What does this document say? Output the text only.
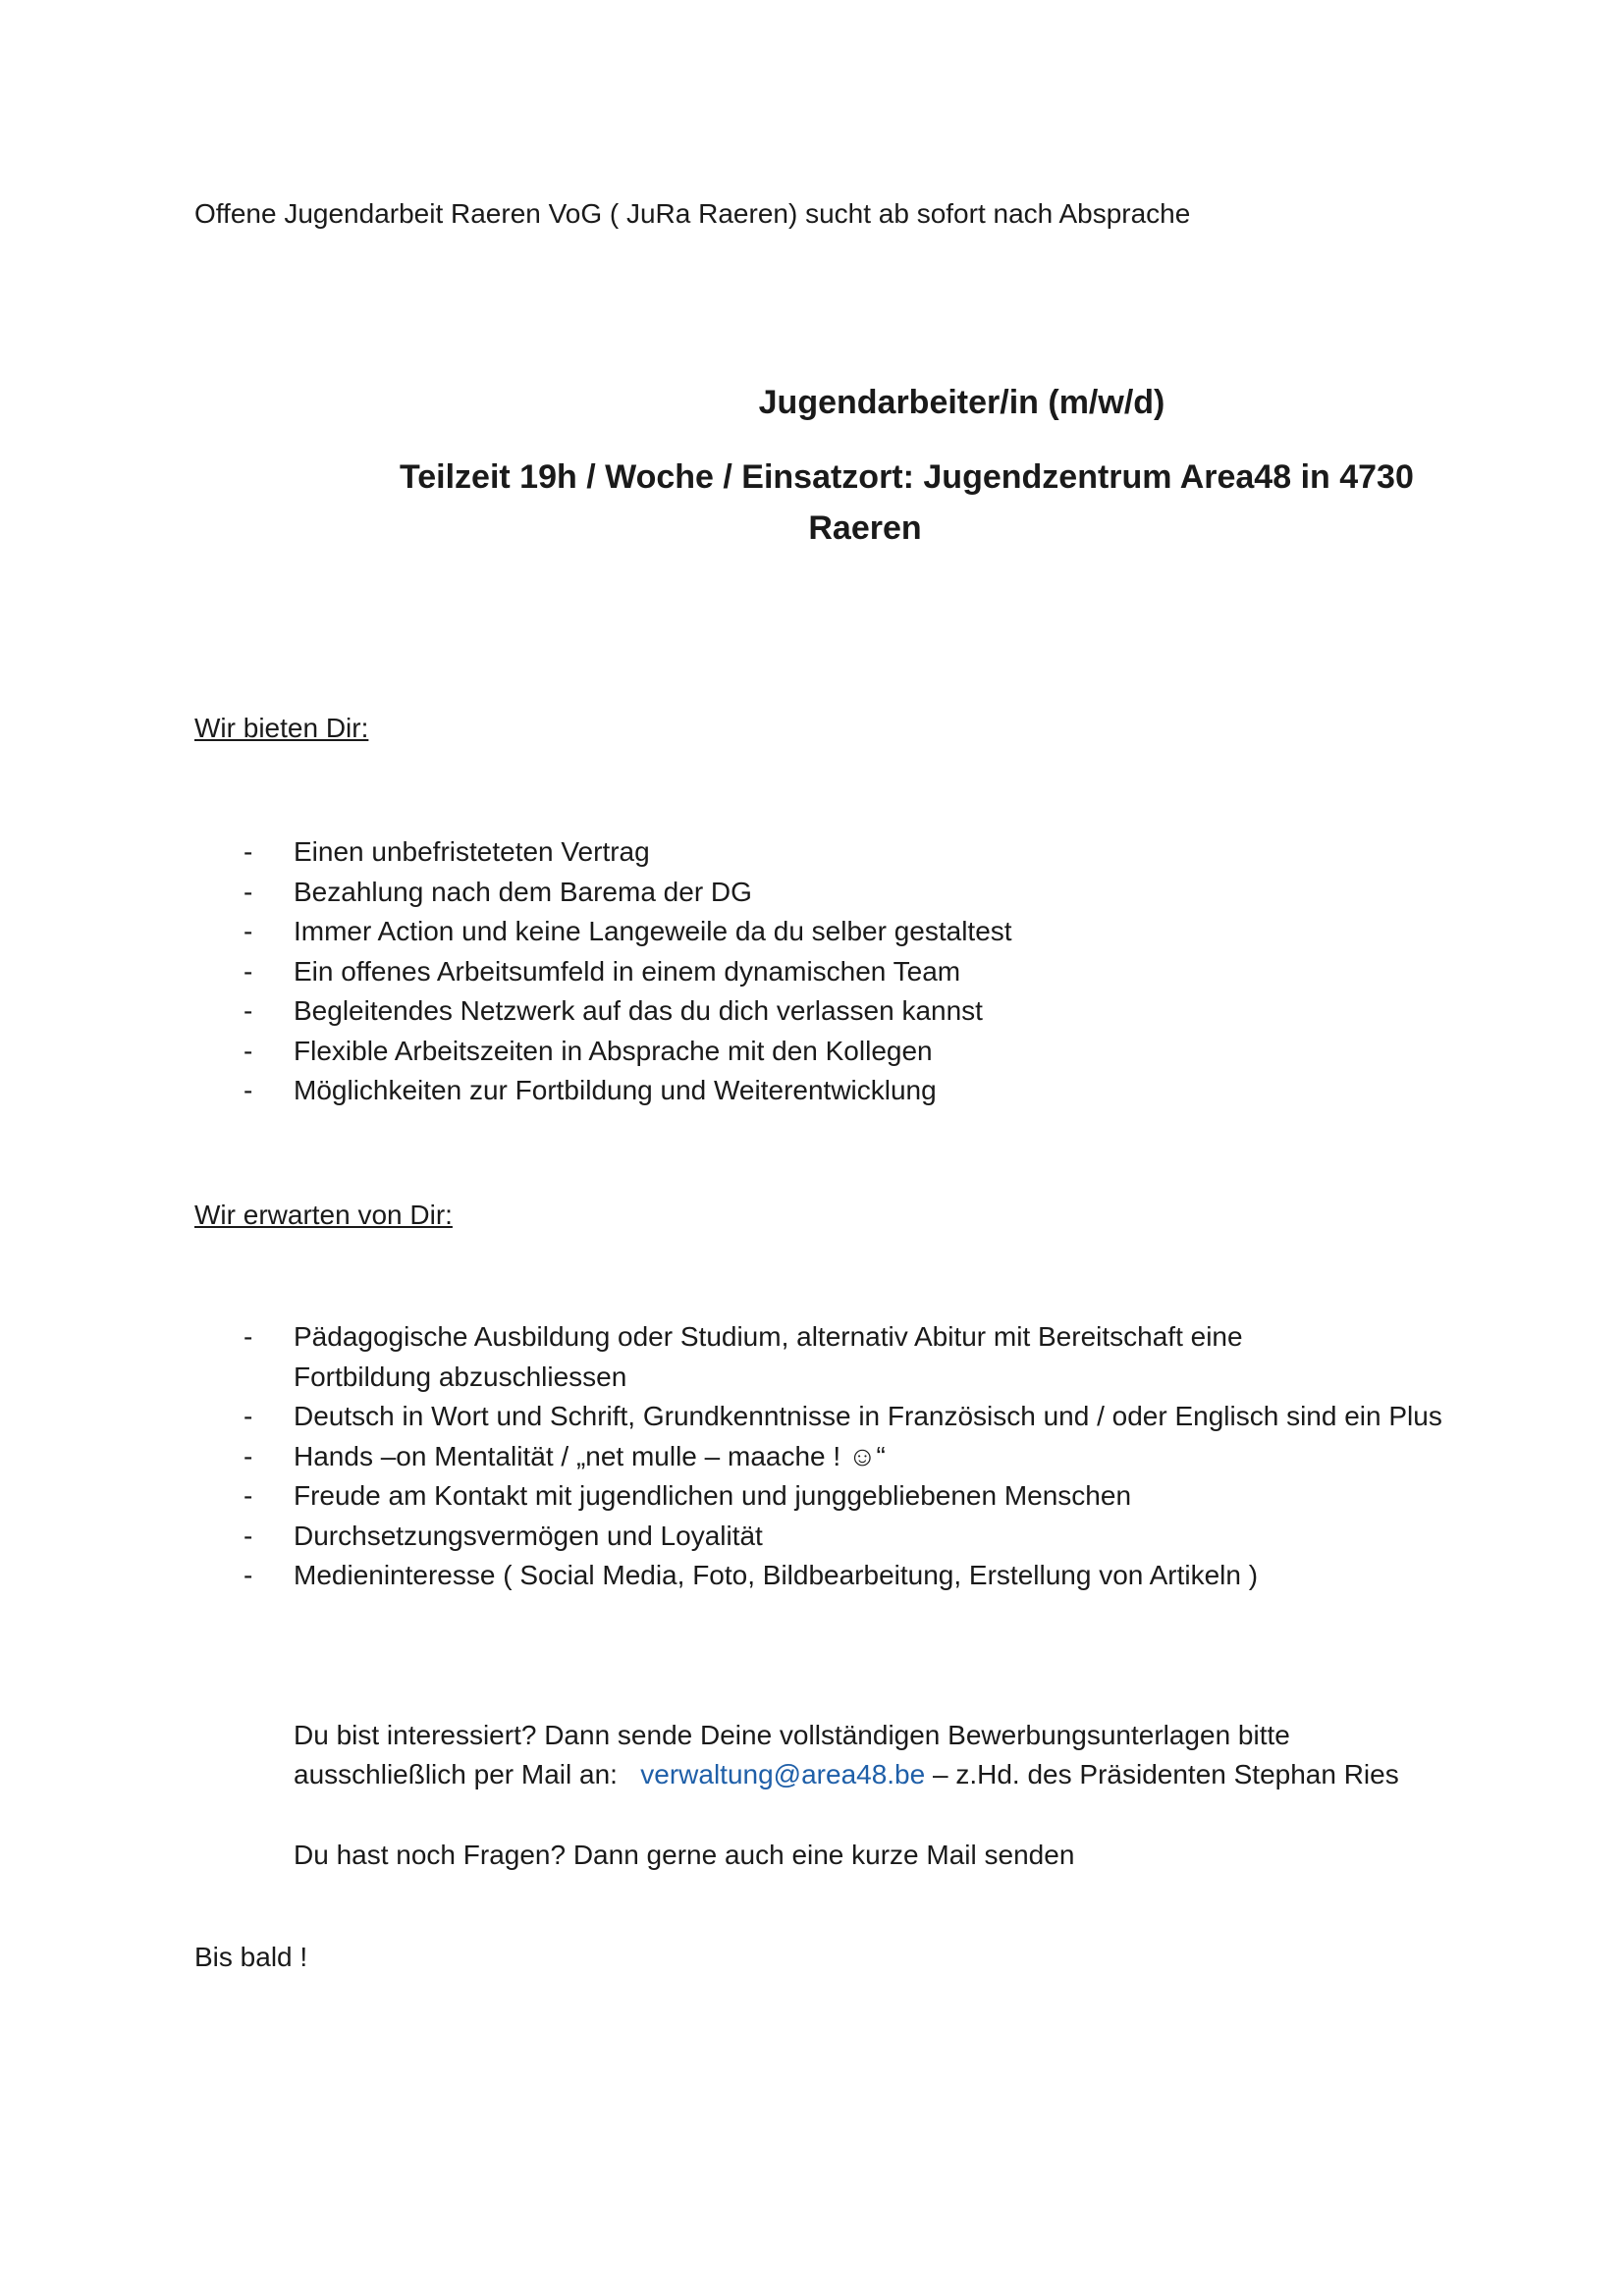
Offene Jugendarbeit Raeren VoG ( JuRa Raeren) sucht ab sofort nach Absprache
Jugendarbeiter/in (m/w/d)
Teilzeit 19h / Woche / Einsatzort: Jugendzentrum Area48 in 4730
Raeren
Wir bieten Dir:
- Einen unbefristeteten Vertrag
- Bezahlung nach dem Barema der DG
- Immer Action und keine Langeweile da du selber gestaltest
- Ein offenes Arbeitsumfeld in einem dynamischen Team
- Begleitendes Netzwerk auf das du dich verlassen kannst
- Flexible Arbeitszeiten in Absprache mit den Kollegen
- Möglichkeiten zur Fortbildung und Weiterentwicklung
Wir erwarten von Dir:
- Pädagogische Ausbildung oder Studium, alternativ Abitur mit Bereitschaft eine Fortbildung abzuschliessen
- Deutsch in Wort und Schrift, Grundkenntnisse in Französisch und / oder Englisch sind ein Plus
- Hands –on Mentalität / „net mulle – maache ! ☺“
- Freude am Kontakt mit jugendlichen und junggebliebenen Menschen
- Durchsetzungsvermögen und Loyalität
- Medieninteresse ( Social Media, Foto, Bildbearbeitung, Erstellung von Artikeln )
Du bist interessiert? Dann sende Deine vollständigen Bewerbungsunterlagen bitte
ausschließlich per Mail an:   verwaltung@area48.be – z.Hd. des Präsidenten Stephan Ries
Du hast noch Fragen? Dann gerne auch eine kurze Mail senden
Bis bald !
